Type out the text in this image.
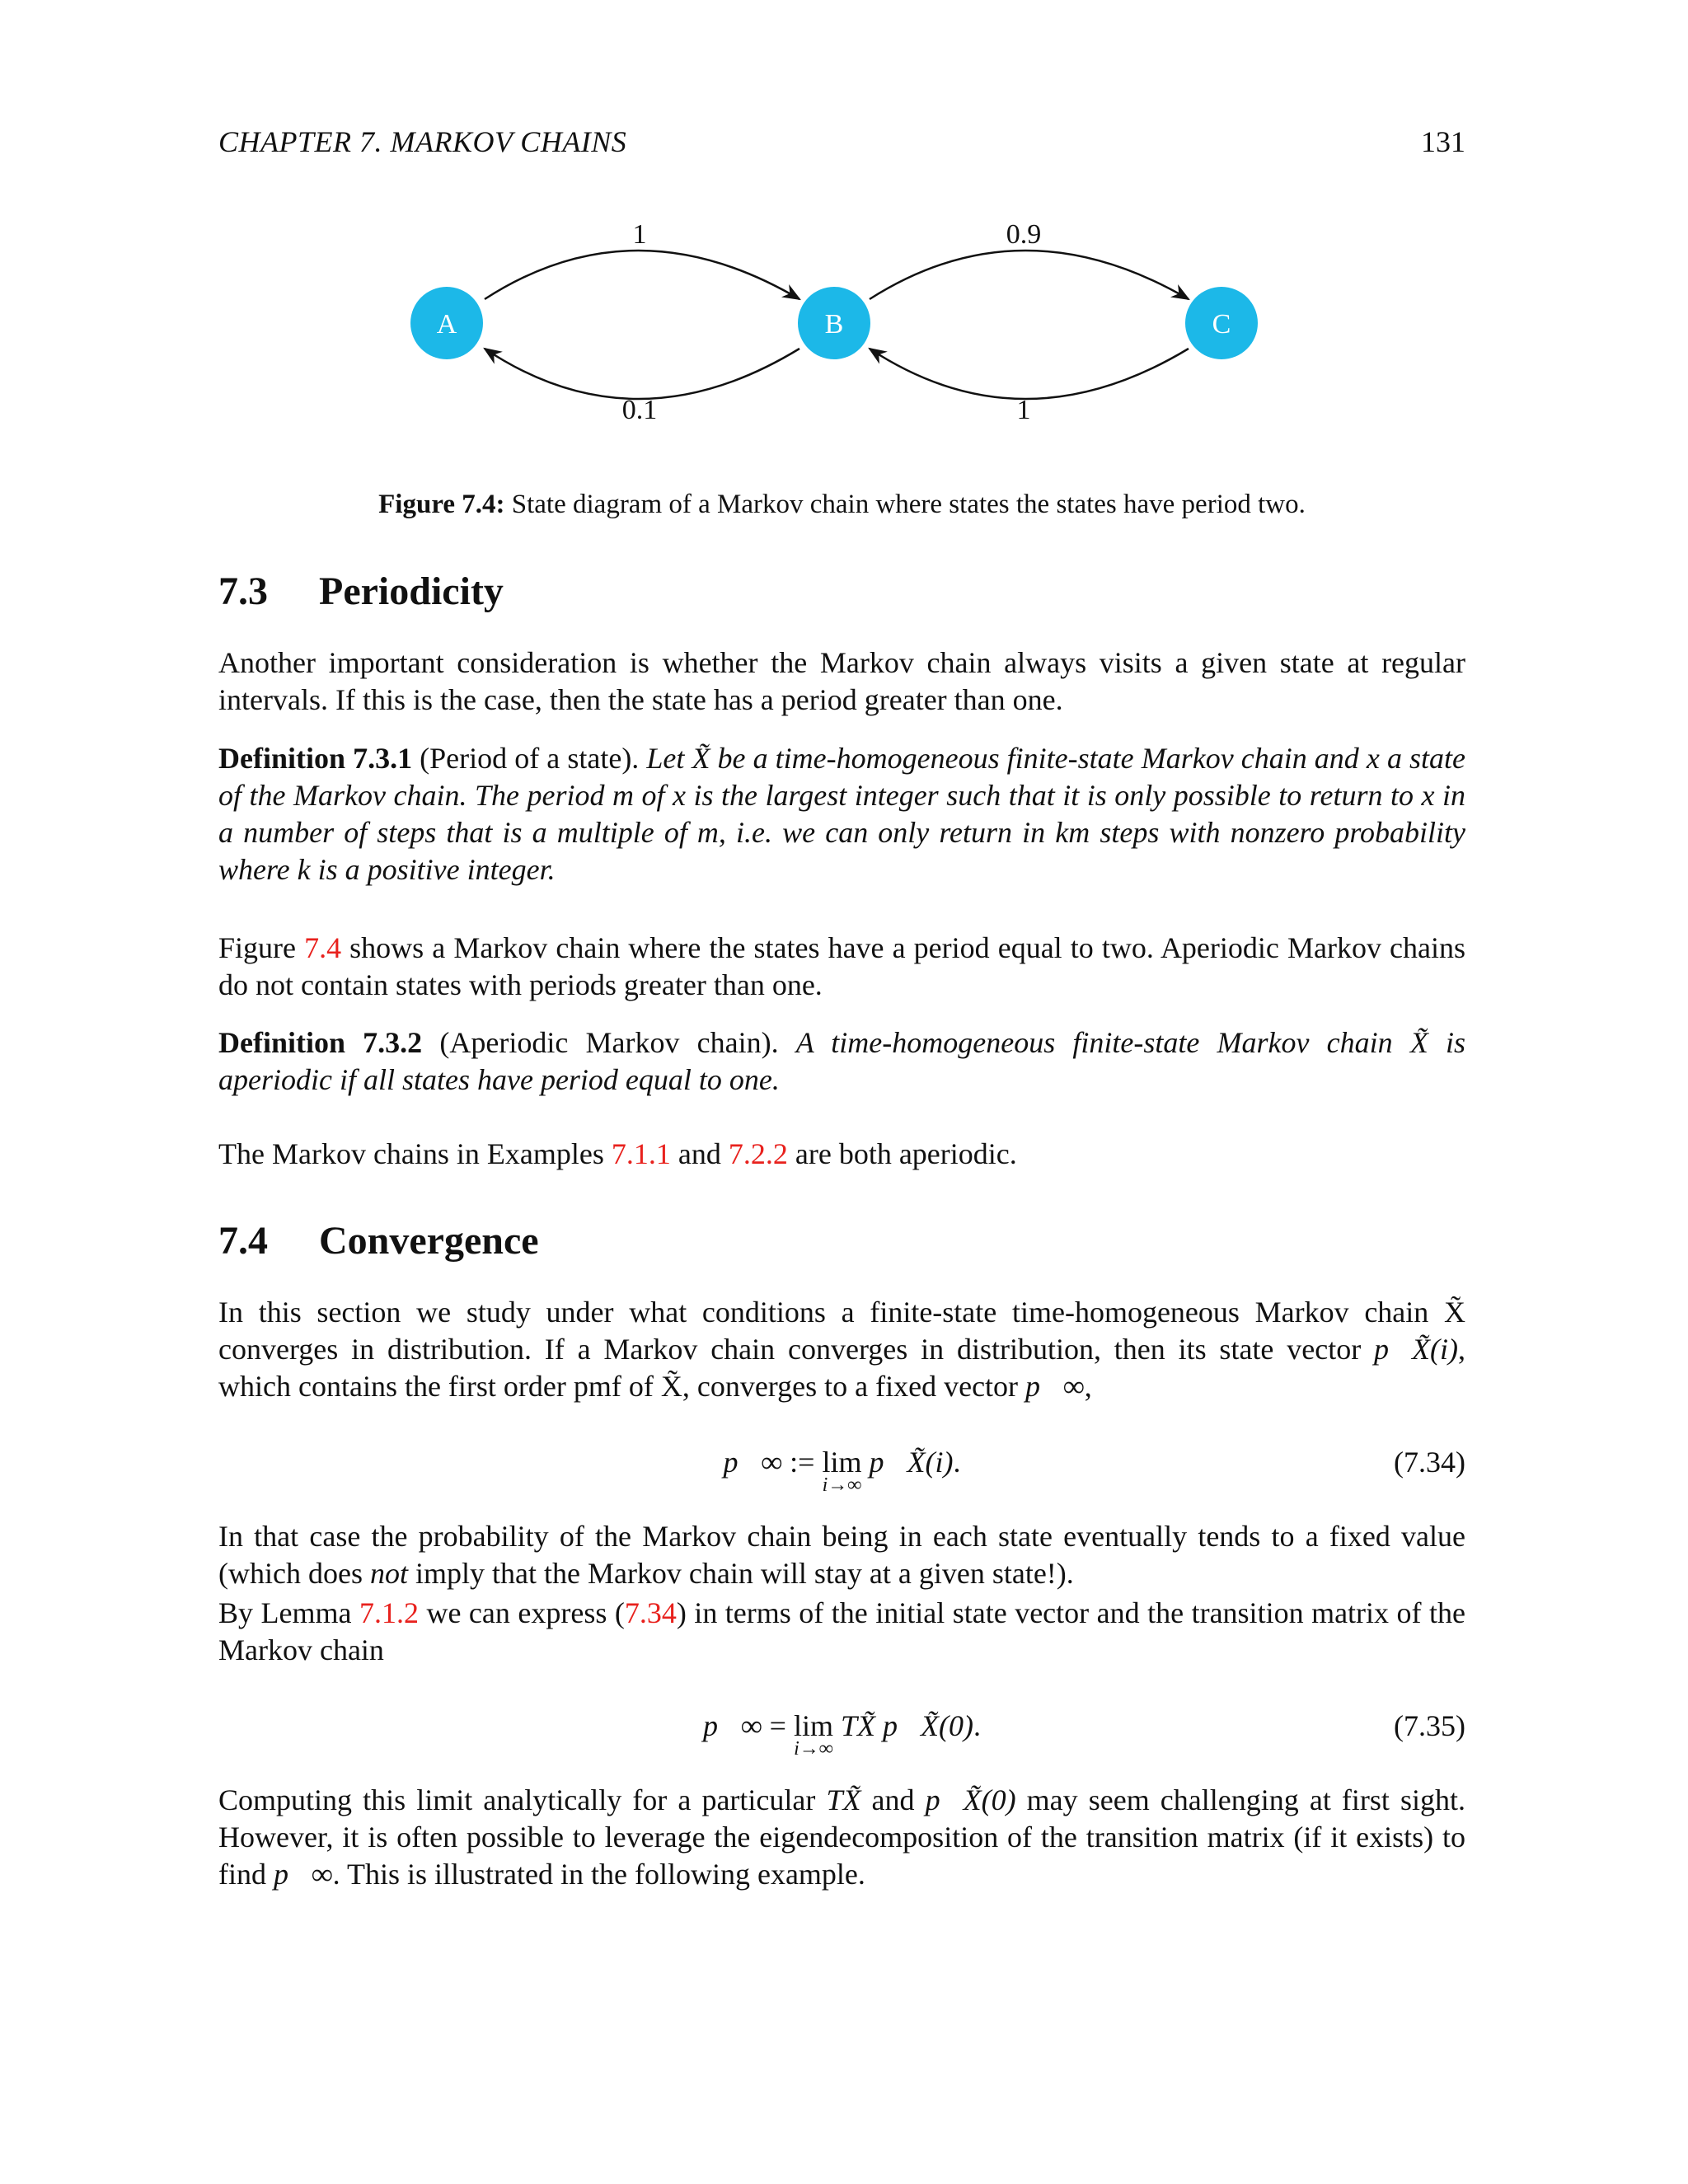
CHAPTER 7. MARKOV CHAINS	131
1
0.1
0.9
1
A	B	C
Figure 7.4: State diagram of a Markov chain where states the states have period two.
7.3 Periodicity
Another important consideration is whether the Markov chain always visits a given state at regular intervals. If this is the case, then the state has a period greater than one.
Definition 7.3.1 (Period of a state). Let X̃ be a time-homogeneous finite-state Markov chain and x a state of the Markov chain. The period m of x is the largest integer such that it is only possible to return to x in a number of steps that is a multiple of m, i.e. we can only return in km steps with nonzero probability where k is a positive integer.
Figure 7.4 shows a Markov chain where the states have a period equal to two. Aperiodic Markov chains do not contain states with periods greater than one.
Definition 7.3.2 (Aperiodic Markov chain). A time-homogeneous finite-state Markov chain X̃ is aperiodic if all states have period equal to one.
The Markov chains in Examples 7.1.1 and 7.2.2 are both aperiodic.
7.4 Convergence
In this section we study under what conditions a finite-state time-homogeneous Markov chain X̃ converges in distribution. If a Markov chain converges in distribution, then its state vector p⃗X̃(i), which contains the first order pmf of X̃, converges to a fixed vector p⃗∞,
p⃗∞ := lim
i→∞
p⃗X̃(i).	(7.34)
In that case the probability of the Markov chain being in each state eventually tends to a fixed value (which does not imply that the Markov chain will stay at a given state!).
By Lemma 7.1.2 we can express (7.34) in terms of the initial state vector and the transition matrix of the Markov chain
p⃗∞ = lim
i→∞
TX̃ p⃗X̃(0).	(7.35)
Computing this limit analytically for a particular TX̃ and p⃗X̃(0) may seem challenging at first sight. However, it is often possible to leverage the eigendecomposition of the transition matrix (if it exists) to find p⃗∞. This is illustrated in the following example.
